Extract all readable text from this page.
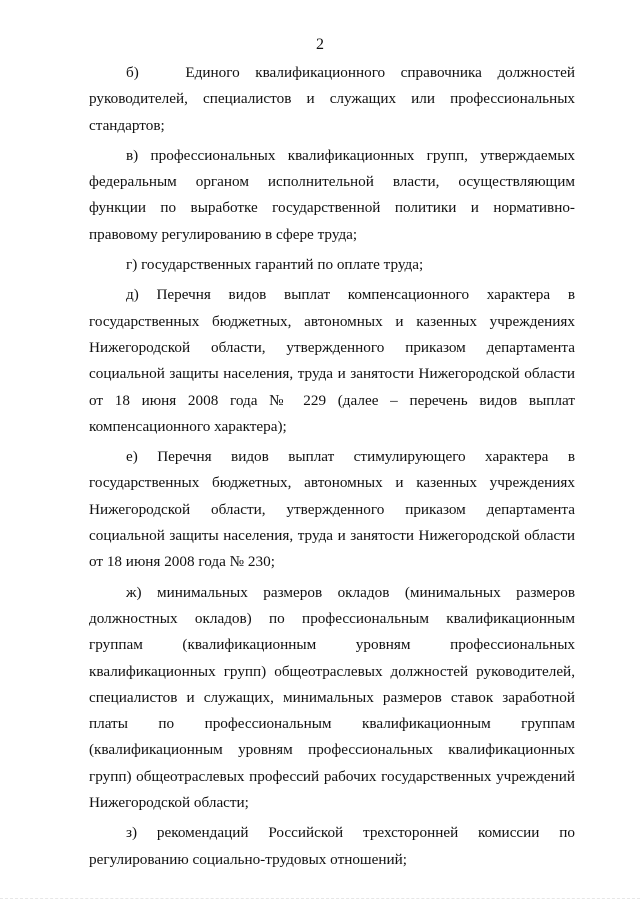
2

б)   Единого квалификационного справочника должностей руководителей, специалистов и служащих или профессиональных стандартов;

в) профессиональных квалификационных групп, утверждаемых федеральным органом исполнительной власти, осуществляющим функции по выработке государственной политики и нормативно-правовому регулированию в сфере труда;

г) государственных гарантий по оплате труда;

д) Перечня видов выплат компенсационного характера в государственных бюджетных, автономных и казенных учреждениях Нижегородской области, утвержденного приказом департамента социальной защиты населения, труда и занятости Нижегородской области от 18 июня 2008 года № 229 (далее – перечень видов выплат компенсационного характера);

е) Перечня видов выплат стимулирующего характера в государственных бюджетных, автономных и казенных учреждениях Нижегородской области, утвержденного приказом департамента социальной защиты населения, труда и занятости Нижегородской области от 18 июня 2008 года № 230;

ж) минимальных размеров окладов (минимальных размеров должностных окладов) по профессиональным квалификационным группам (квалификационным уровням профессиональных квалификационных групп) общеотраслевых должностей руководителей, специалистов и служащих, минимальных размеров ставок заработной платы по профессиональным квалификационным группам (квалификационным уровням профессиональных квалификационных групп) общеотраслевых профессий рабочих государственных учреждений Нижегородской области;

з) рекомендаций Российской трехсторонней комиссии по регулированию социально-трудовых отношений;
